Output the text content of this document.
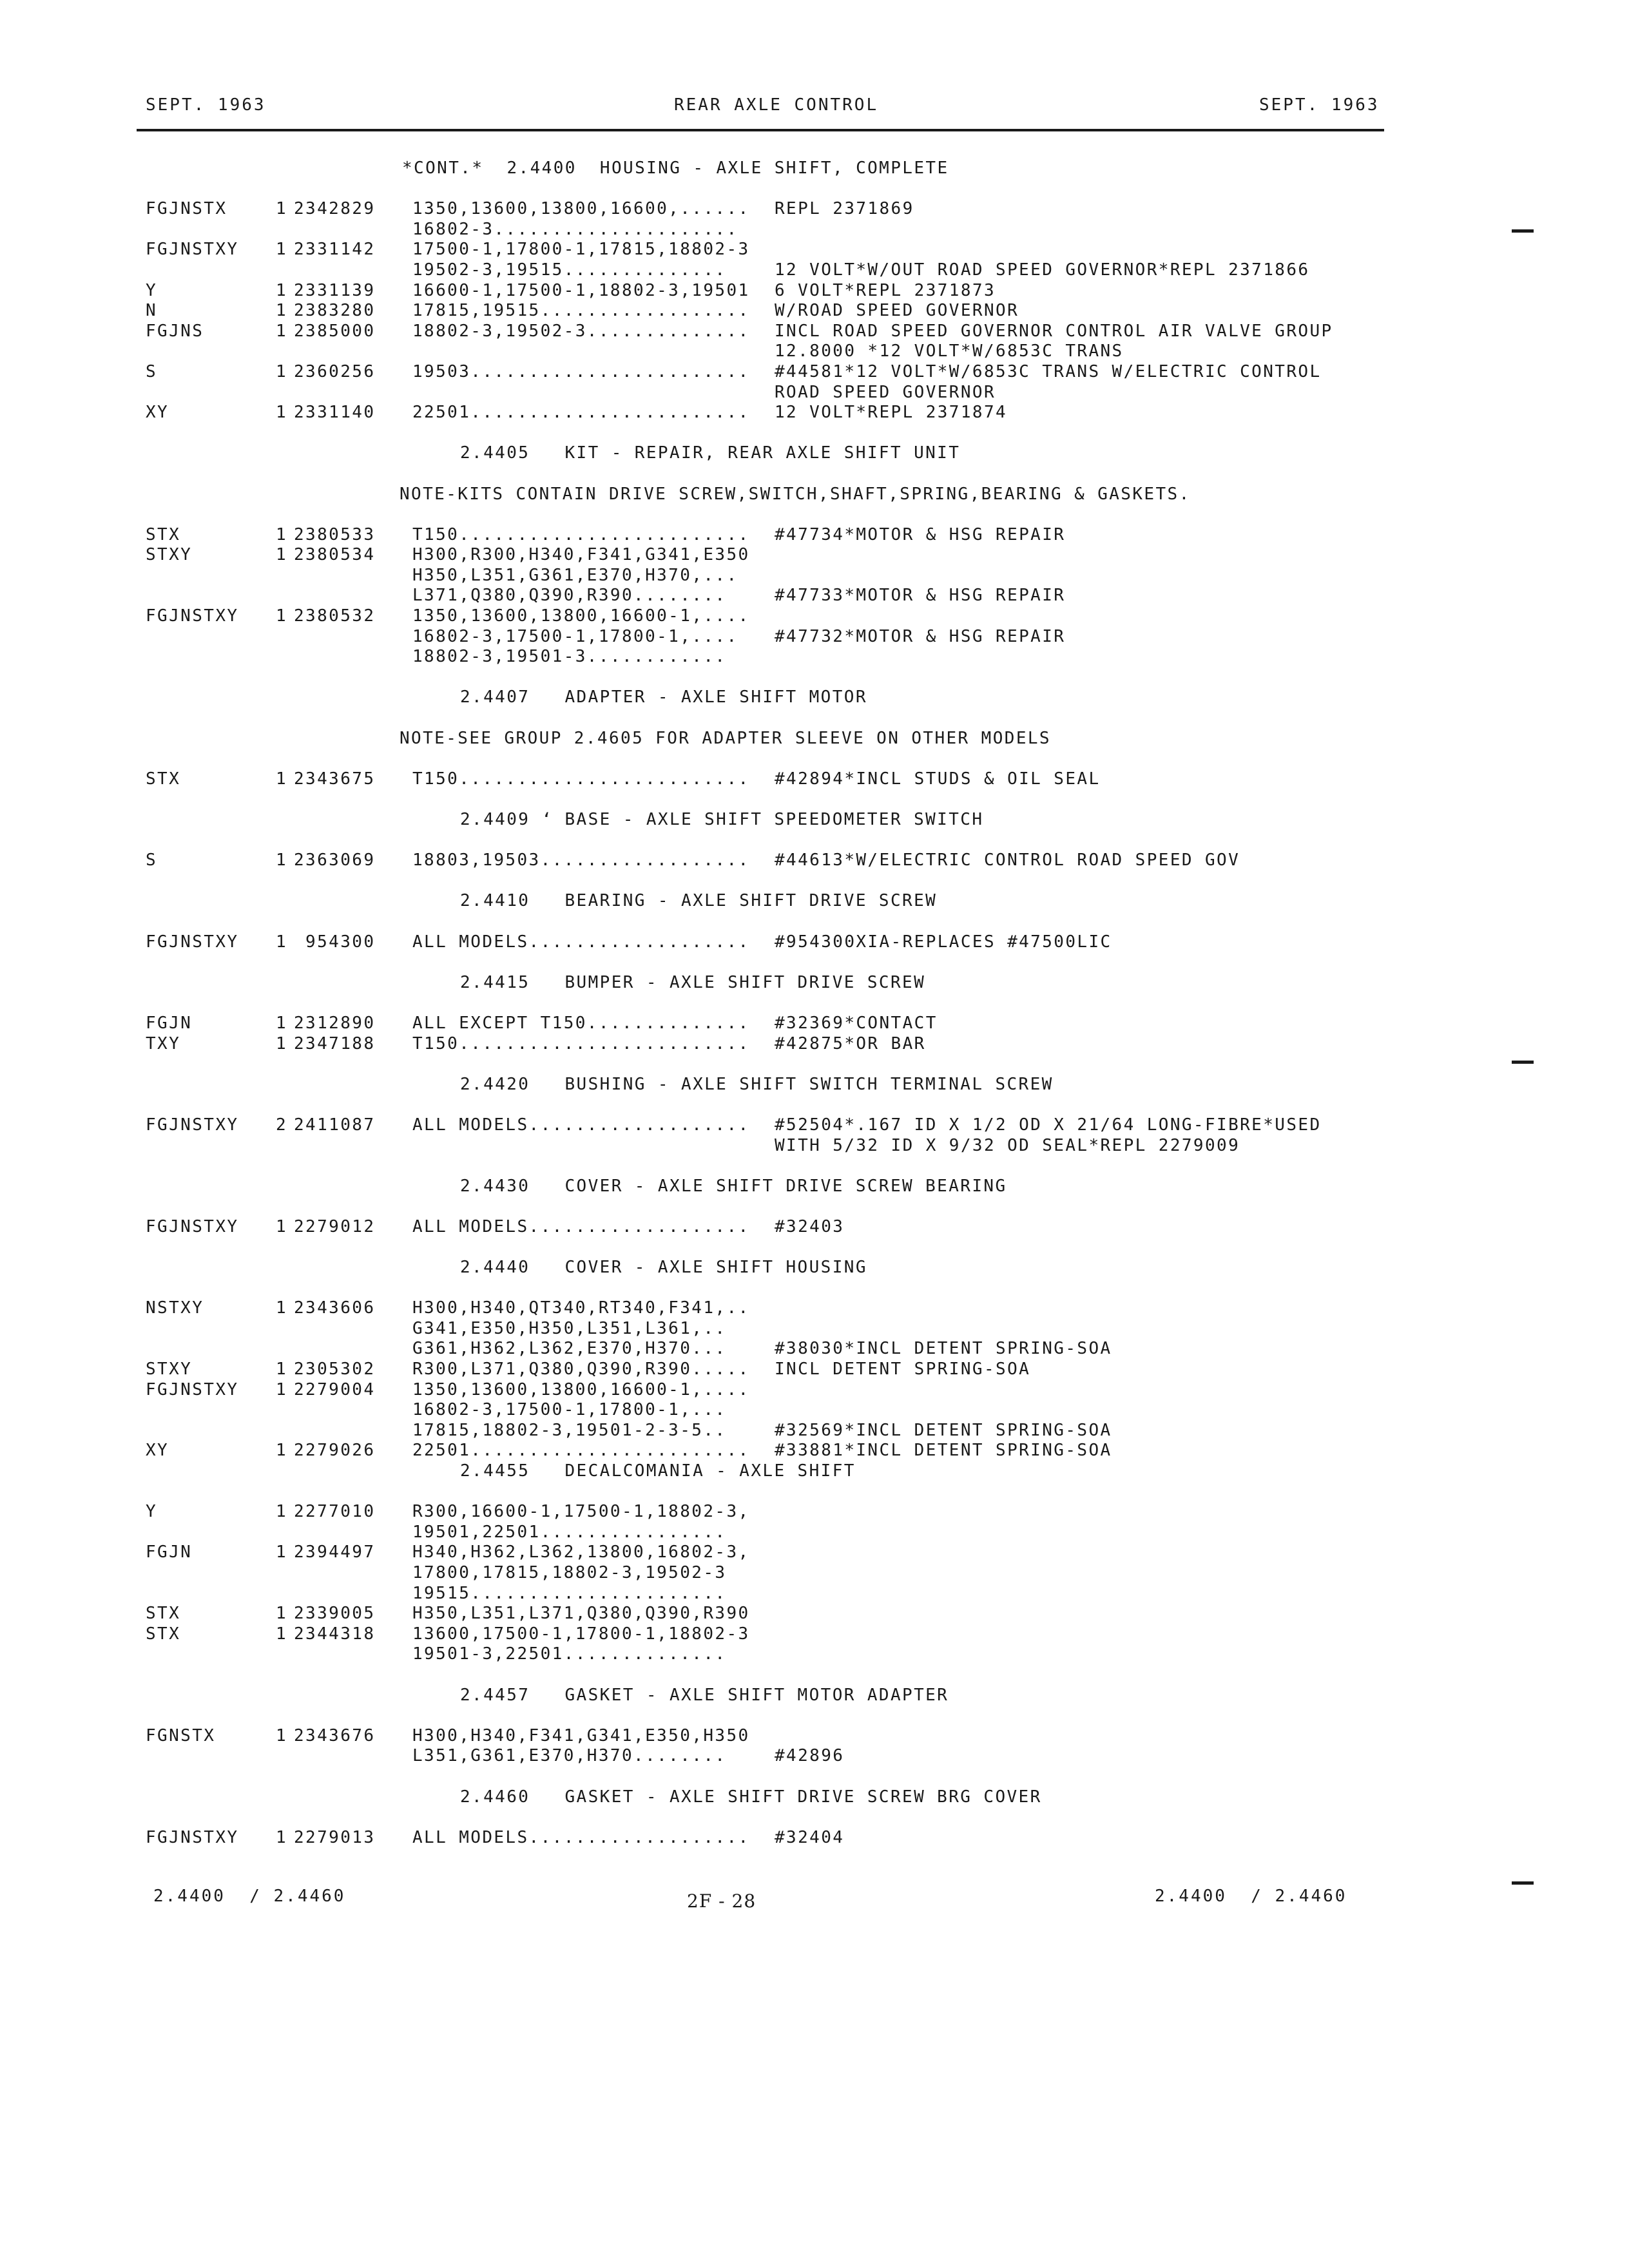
SEPT. 1963	REAR AXLE CONTROL	SEPT. 1963
*CONT.*  2.4400  HOUSING - AXLE SHIFT, COMPLETE
FGJNSTX	1 2342829	1350,13600,13800,16600,......	REPL 2371869
16802-3.....................
FGJNSTXY	1 2331142	17500-1,17800-1,17815,18802-3
19502-3,19515..............	12 VOLT*W/OUT ROAD SPEED GOVERNOR*REPL 2371866
Y	1 2331139	16600-1,17500-1,18802-3,19501	6 VOLT*REPL 2371873
N	1 2383280	17815,19515..................	W/ROAD SPEED GOVERNOR
FGJNS	1 2385000	18802-3,19502-3..............	INCL ROAD SPEED GOVERNOR CONTROL AIR VALVE GROUP
12.8000 *12 VOLT*W/6853C TRANS
S	1 2360256	19503........................	#44581*12 VOLT*W/6853C TRANS W/ELECTRIC CONTROL
ROAD SPEED GOVERNOR
XY	1 2331140	22501........................	12 VOLT*REPL 2371874
2.4405   KIT - REPAIR, REAR AXLE SHIFT UNIT
NOTE-KITS CONTAIN DRIVE SCREW,SWITCH,SHAFT,SPRING,BEARING & GASKETS.
STX	1 2380533	T150.........................	#47734*MOTOR & HSG REPAIR
STXY	1 2380534	H300,R300,H340,F341,G341,E350
H350,L351,G361,E370,H370,...
L371,Q380,Q390,R390........	#47733*MOTOR & HSG REPAIR
FGJNSTXY	1 2380532	1350,13600,13800,16600-1,....
16802-3,17500-1,17800-1,....	#47732*MOTOR & HSG REPAIR
18802-3,19501-3............
2.4407   ADAPTER - AXLE SHIFT MOTOR
NOTE-SEE GROUP 2.4605 FOR ADAPTER SLEEVE ON OTHER MODELS
STX	1 2343675	T150.........................	#42894*INCL STUDS & OIL SEAL
2.4409 ʻ BASE - AXLE SHIFT SPEEDOMETER SWITCH
S	1 2363069	18803,19503..................	#44613*W/ELECTRIC CONTROL ROAD SPEED GOV
2.4410   BEARING - AXLE SHIFT DRIVE SCREW
FGJNSTXY	1 954300	ALL MODELS...................	#954300XIA-REPLACES #47500LIC
2.4415   BUMPER - AXLE SHIFT DRIVE SCREW
FGJN	1 2312890	ALL EXCEPT T150..............	#32369*CONTACT
TXY	1 2347188	T150.........................	#42875*OR BAR
2.4420   BUSHING - AXLE SHIFT SWITCH TERMINAL SCREW
FGJNSTXY	2 2411087	ALL MODELS...................	#52504*.167 ID X 1/2 OD X 21/64 LONG-FIBRE*USED
WITH 5/32 ID X 9/32 OD SEAL*REPL 2279009
2.4430   COVER - AXLE SHIFT DRIVE SCREW BEARING
FGJNSTXY	1 2279012	ALL MODELS...................	#32403
2.4440   COVER - AXLE SHIFT HOUSING
NSTXY	1 2343606	H300,H340,QT340,RT340,F341,..
G341,E350,H350,L351,L361,..
G361,H362,L362,E370,H370...	#38030*INCL DETENT SPRING-SOA
STXY	1 2305302	R300,L371,Q380,Q390,R390.....	INCL DETENT SPRING-SOA
FGJNSTXY	1 2279004	1350,13600,13800,16600-1,....
16802-3,17500-1,17800-1,...
17815,18802-3,19501-2-3-5..	#32569*INCL DETENT SPRING-SOA
XY	1 2279026	22501........................	#33881*INCL DETENT SPRING-SOA
2.4455   DECALCOMANIA - AXLE SHIFT
Y	1 2277010	R300,16600-1,17500-1,18802-3,
19501,22501................
FGJN	1 2394497	H340,H362,L362,13800,16802-3,
17800,17815,18802-3,19502-3
19515......................
STX	1 2339005	H350,L351,L371,Q380,Q390,R390
STX	1 2344318	13600,17500-1,17800-1,18802-3
19501-3,22501..............
2.4457   GASKET - AXLE SHIFT MOTOR ADAPTER
FGNSTX	1 2343676	H300,H340,F341,G341,E350,H350
L351,G361,E370,H370........	#42896
2.4460   GASKET - AXLE SHIFT DRIVE SCREW BRG COVER
FGJNSTXY	1 2279013	ALL MODELS...................	#32404
2.4400  / 2.4460	2F - 28	2.4400  / 2.4460
